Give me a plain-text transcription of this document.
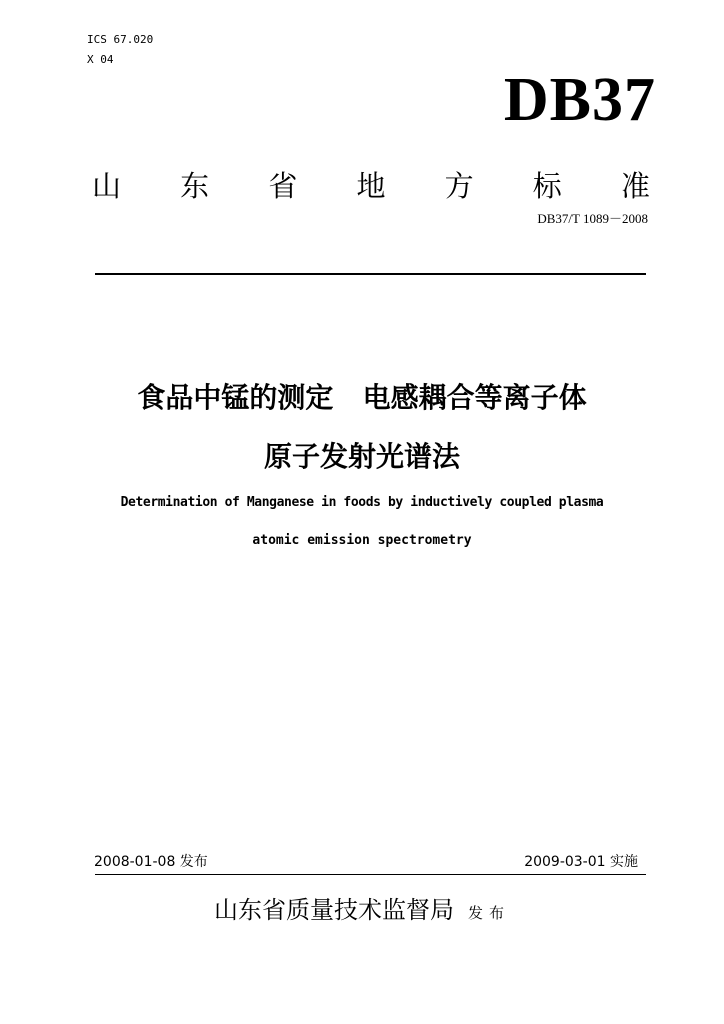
ICS 67.020
X 04
DB37
山 东 省 地 方 标 准
DB37/T 1089－2008
食品中锰的测定   电感耦合等离子体
原子发射光谱法
Determination of Manganese in foods by inductively coupled plasma
atomic emission spectrometry
2008-01-08 发布	2009-03-01 实施
山东省质量技术监督局 发布
